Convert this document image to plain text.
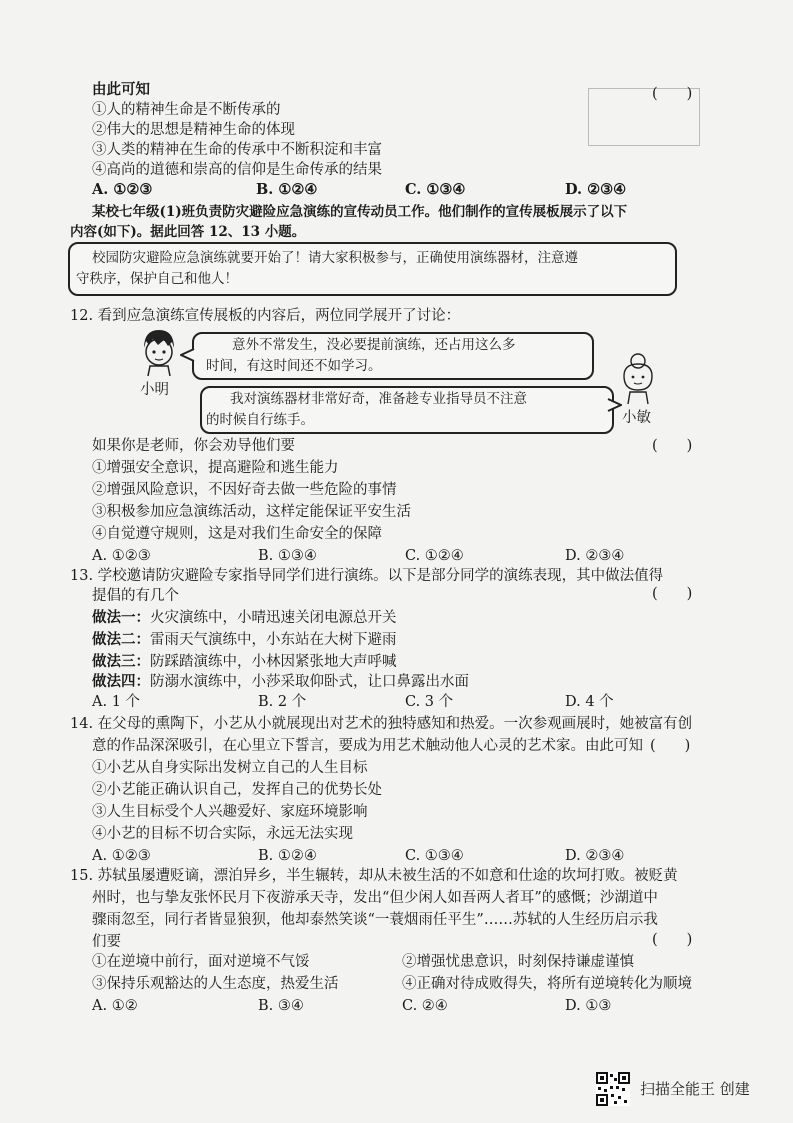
由此可知	(　　)
①人的精神生命是不断传承的
②伟大的思想是精神生命的体现
③人类的精神在生命的传承中不断积淀和丰富
④高尚的道德和崇高的信仰是生命传承的结果
A. ①②③	B. ①②④	C. ①③④	D. ②③④
某校七年级(1)班负责防灾避险应急演练的宣传动员工作。他们制作的宣传展板展示了以下
内容(如下)。据此回答 12、13 小题。
校园防灾避险应急演练就要开始了！请大家积极参与，正确使用演练器材，注意遵
守秩序，保护自己和他人！
12. 看到应急演练宣传展板的内容后，两位同学展开了讨论：
小明
意外不常发生，没必要提前演练，还占用这么多
时间，有这时间还不如学习。
我对演练器材非常好奇，准备趁专业指导员不注意
的时候自行练手。	小敏
如果你是老师，你会劝导他们要	(　　)
①增强安全意识，提高避险和逃生能力
②增强风险意识，不因好奇去做一些危险的事情
③积极参加应急演练活动，这样定能保证平安生活
④自觉遵守规则，这是对我们生命安全的保障
A. ①②③	B. ①③④	C. ①②④	D. ②③④
13. 学校邀请防灾避险专家指导同学们进行演练。以下是部分同学的演练表现，其中做法值得
提倡的有几个	(　　)
做法一：火灾演练中，小晴迅速关闭电源总开关
做法二：雷雨天气演练中，小东站在大树下避雨
做法三：防踩踏演练中，小林因紧张地大声呼喊
做法四：防溺水演练中，小莎采取仰卧式，让口鼻露出水面
A. 1 个	B. 2 个	C. 3 个	D. 4 个
14. 在父母的熏陶下，小艺从小就展现出对艺术的独特感知和热爱。一次参观画展时，她被富有创
意的作品深深吸引，在心里立下誓言，要成为用艺术触动他人心灵的艺术家。由此可知 (　　)
①小艺从自身实际出发树立自己的人生目标
②小艺能正确认识自己，发挥自己的优势长处
③人生目标受个人兴趣爱好、家庭环境影响
④小艺的目标不切合实际，永远无法实现
A. ①②③	B. ①②④	C. ①③④	D. ②③④
15. 苏轼虽屡遭贬谪，漂泊异乡，半生辗转，却从未被生活的不如意和仕途的坎坷打败。被贬黄
州时，也与挚友张怀民月下夜游承天寺，发出“但少闲人如吾两人者耳”的感慨；沙湖道中
骤雨忽至，同行者皆显狼狈，他却泰然笑谈“一蓑烟雨任平生”……苏轼的人生经历启示我
们要	(　　)
①在逆境中前行，面对逆境不气馁	②增强忧患意识，时刻保持谦虚谨慎
③保持乐观豁达的人生态度，热爱生活	④正确对待成败得失，将所有逆境转化为顺境
A. ①②	B. ③④	C. ②④	D. ①③
扫描全能王 创建
